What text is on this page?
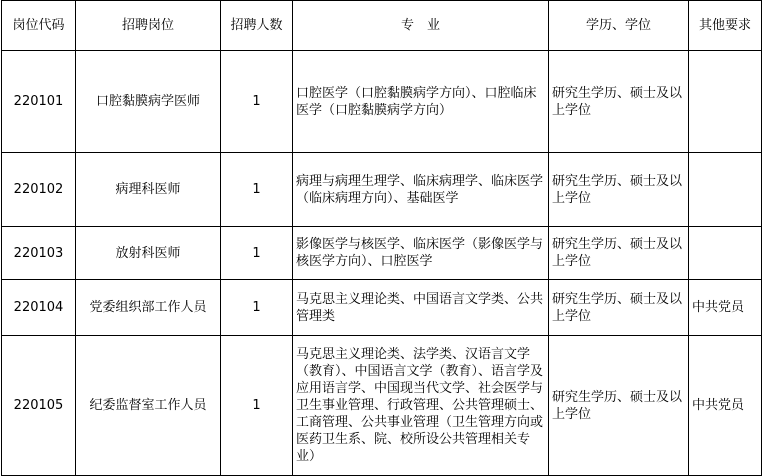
岗位代码	招聘岗位	招聘人数	专　业	学历、学位	其他要求
220101	口腔黏膜病学医师	1	口腔医学（口腔黏膜病学方向）、口腔临床医学（口腔黏膜病学方向）	研究生学历、硕士及以上学位	
220102	病理科医师	1	病理与病理生理学、临床病理学、临床医学（临床病理方向）、基础医学	研究生学历、硕士及以上学位	
220103	放射科医师	1	影像医学与核医学、临床医学（影像医学与核医学方向）、口腔医学	研究生学历、硕士及以上学位	
220104	党委组织部工作人员	1	马克思主义理论类、中国语言文学类、公共管理类	研究生学历、硕士及以上学位	中共党员
220105	纪委监督室工作人员	1	马克思主义理论类、法学类、汉语言文学（教育）、中国语言文学（教育）、语言学及应用语言学、中国现当代文学、社会医学与卫生事业管理、行政管理、公共管理硕士、工商管理、公共事业管理（卫生管理方向或医药卫生系、院、校所设公共管理相关专业）	研究生学历、硕士及以上学位	中共党员
